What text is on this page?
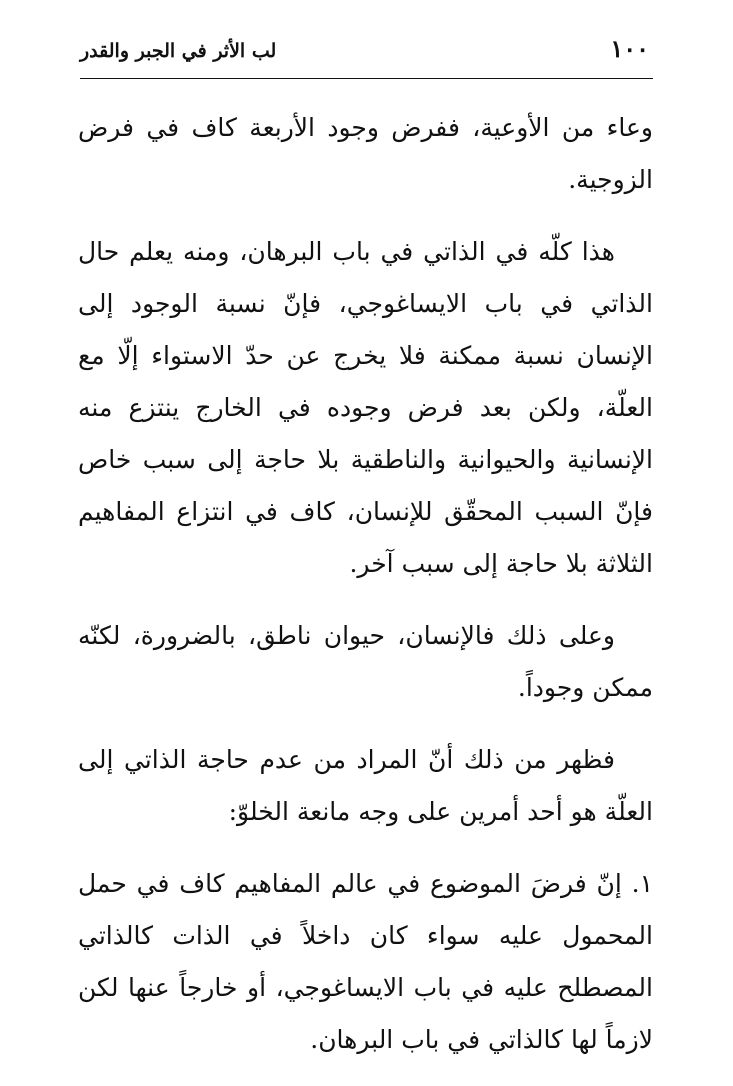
١٠٠
لب الأثر في الجبر والقدر

وعاء من الأوعية، ففرض وجود الأربعة كاف في فرض الزوجية.

هذا كلّه في الذاتي في باب البرهان، ومنه يعلم حال الذاتي في باب الايساغوجي، فإنّ نسبة الوجود إلى الإنسان نسبة ممكنة فلا يخرج عن حدّ الاستواء إلّا مع العلّة، ولكن بعد فرض وجوده في الخارج ينتزع منه الإنسانية والحيوانية والناطقية بلا حاجة إلى سبب خاص فإنّ السبب المحقّق للإنسان، كاف في انتزاع المفاهيم الثلاثة بلا حاجة إلى سبب آخر.

وعلى ذلك فالإنسان، حيوان ناطق، بالضرورة، لكنّه ممكن وجوداً.

فظهر من ذلك أنّ المراد من عدم حاجة الذاتي إلى العلّة هو أحد أمرين على وجه مانعة الخلوّ:

١. إنّ فرضَ الموضوع في عالم المفاهيم كاف في حمل المحمول عليه سواء كان داخلاً في الذات كالذاتي المصطلح عليه في باب الايساغوجي، أو خارجاً عنها لكن لازماً لها كالذاتي في باب البرهان.
